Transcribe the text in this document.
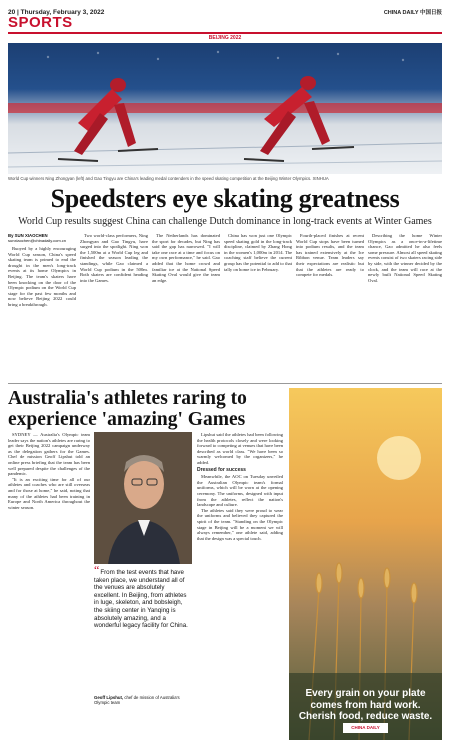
20 | Thursday, February 3, 2022	CHINA DAILY 中国日报
SPORTS
BEIJING 2022
World Cup winners Ning Zhongyan (left) and Gao Tingyu are China's leading medal contenders in the speed skating competition at the Beijing Winter Olympics. XINHUA
Speedsters eye skating greatness
World Cup results suggest China can challenge Dutch dominance in long-track events at Winter Games
By SUN XIAOCHEN
sunxiaochen@chinadaily.com.cn

Buoyed by a highly encouraging World Cup season, China's speed skating team is primed to end the drought in the men's long-track events at its home Olympics in Beijing. The team's skaters have been knocking on the door of the Olympic podium on the World Cup stage for the past few months and now believe Beijing 2022 could bring a breakthrough.

Two world-class performers, Ning Zhongyan and Gao Tingyu, have surged into the spotlight. Ning won the 1,500m at a World Cup leg and finished the season leading the standings, while Gao claimed a World Cup podium in the 500m. Both skaters are confident heading into the Games.

The Netherlands has dominated the sport for decades, but Ning has said the gap has narrowed. "I will take one race at a time and focus on my own performance," he said. Gao added that the home crowd and familiar ice at the National Speed Skating Oval would give the team an edge.

China has won just one Olympic speed skating gold in the long-track discipline, claimed by Zhang Hong in the women's 1,000m in 2014. The coaching staff believe the current group has the potential to add to that tally on home ice in February.

Fourth-placed finishes at recent World Cup stops have been turned into podium results, and the team has trained extensively at the Ice Ribbon venue. Team leaders say their expectations are realistic but that the athletes are ready to compete for medals.

Describing the home Winter Olympics as a once-in-a-lifetime chance, Gao admitted he also feels some pressure. Almost all speed skating events consist of two skaters racing side by side, with the winner decided by the clock, and the team will race at the newly built National Speed Skating Oval.

Australia's athletes raring to experience 'amazing' Games

SYDNEY — Australia's Olympic team leader says the nation's athletes are raring to get their Beijing 2022 campaign underway as the delegation gathers for the Games. Chef de mission Geoff Lipshut told an online press briefing that the team has been well prepared despite the challenges of the pandemic.

"It is an exciting time for all of our athletes and coaches who are still overseas and for those at home," he said, noting that many of the athletes had been training in Europe and North America throughout the winter season.

“From the test events that have taken place, we understand all of the venues are absolutely excellent. In Beijing, from athletes in luge, skeleton, and bobsleigh, the skiing center in Yanqing is absolutely amazing, and a wonderful legacy facility for China.
Geoff Lipshut, chef de mission of Australia's Olympic team

Lipshut said the athletes had been following the health protocols closely and were looking forward to competing at venues that have been described as world class. "We have been so warmly welcomed by the organizers," he added.

Dressed for success

Meanwhile, the AOC on Tuesday unveiled the Australian Olympic team's formal uniforms, which will be worn at the opening ceremony. The uniforms, designed with input from the athletes, reflect the nation's landscape and culture.

The athletes said they were proud to wear the uniforms and believed they captured the spirit of the team. "Standing on the Olympic stage in Beijing will be a moment we will always remember," one athlete said, adding that the design was a special touch.

Every grain on your plate comes from hard work. Cherish food, reduce waste.
CHINA DAILY
